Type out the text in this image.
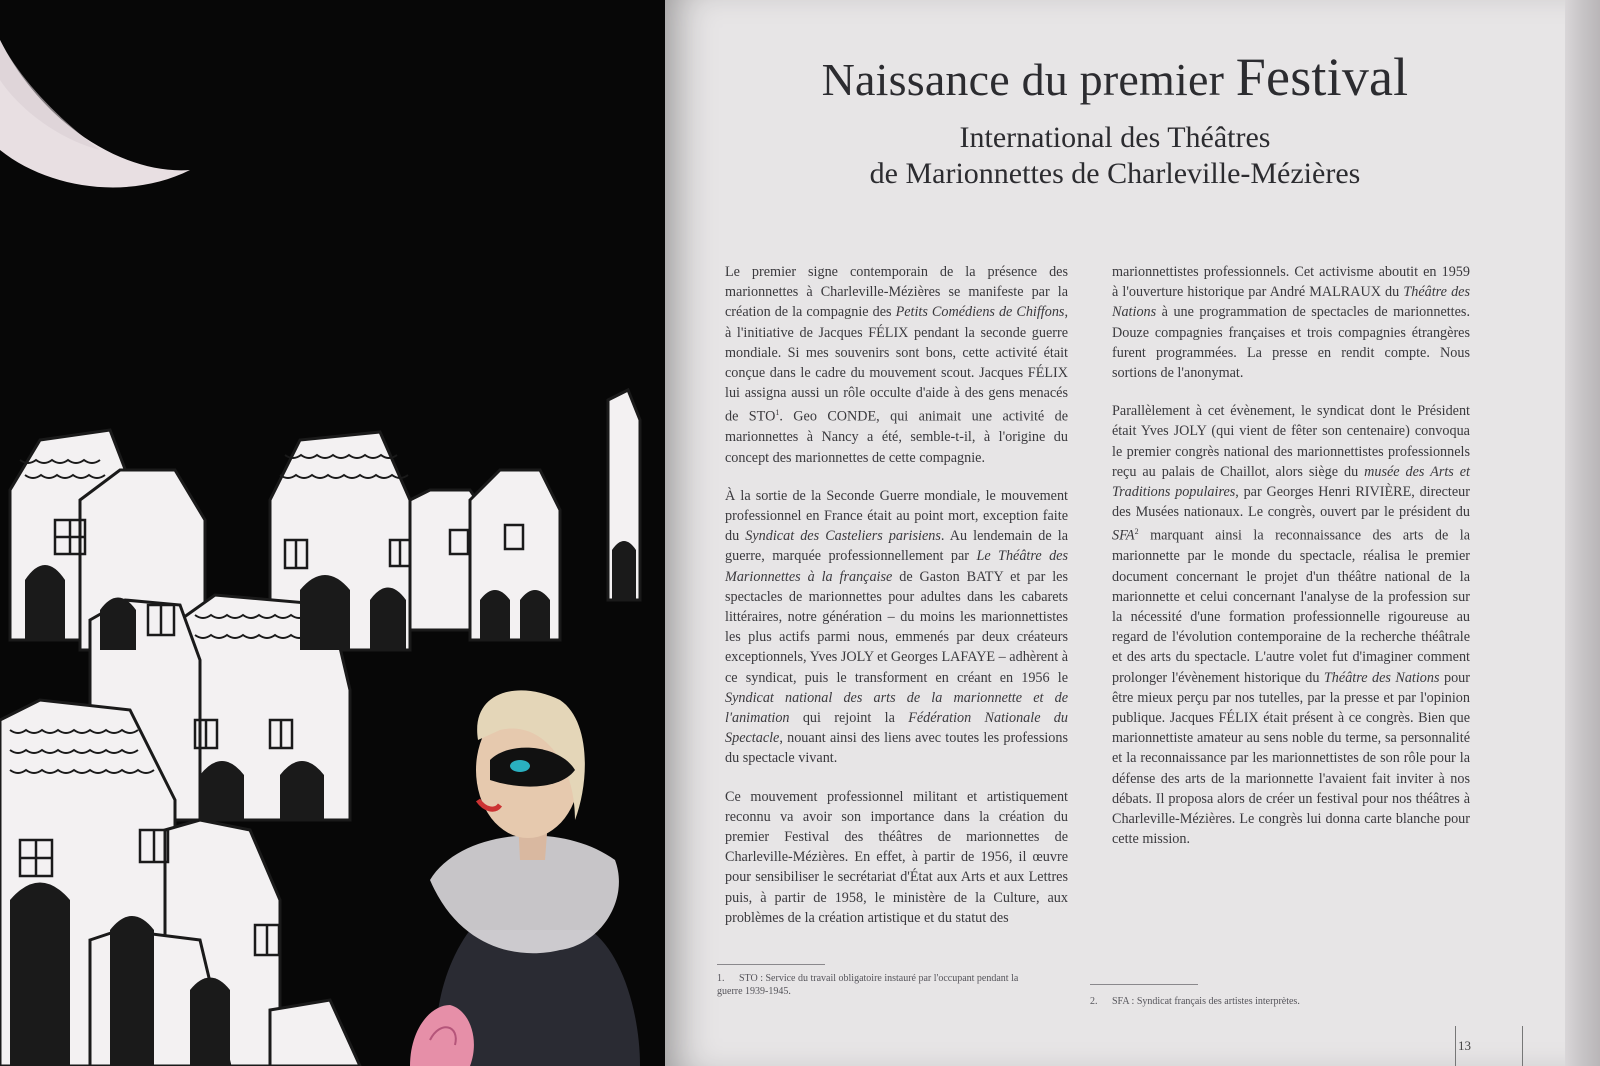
Naissance du premier Festival
International des Théâtres
de Marionnettes de Charleville-Mézières

Le premier signe contemporain de la présence des marionnettes à Charleville-Mézières se manifeste par la création de la compagnie des Petits Comédiens de Chiffons, à l'initiative de Jacques FÉLIX pendant la seconde guerre mondiale. Si mes souvenirs sont bons, cette activité était conçue dans le cadre du mouvement scout. Jacques FÉLIX lui assigna aussi un rôle occulte d'aide à des gens menacés de STO$^1$. Geo CONDE, qui animait une activité de marionnettes à Nancy a été, semble-t-il, à l'origine du concept des marionnettes de cette compagnie.

À la sortie de la Seconde Guerre mondiale, le mouvement professionnel en France était au point mort, exception faite du Syndicat des Casteliers parisiens. Au lendemain de la guerre, marquée professionnellement par Le Théâtre des Marionnettes à la française de Gaston BATY et par les spectacles de marionnettes pour adultes dans les cabarets littéraires, notre génération – du moins les marionnettistes les plus actifs parmi nous, emmenés par deux créateurs exceptionnels, Yves JOLY et Georges LAFAYE – adhèrent à ce syndicat, puis le transforment en créant en 1956 le Syndicat national des arts de la marionnette et de l'animation qui rejoint la Fédération Nationale du Spectacle, nouant ainsi des liens avec toutes les professions du spectacle vivant.

Ce mouvement professionnel militant et artistiquement reconnu va avoir son importance dans la création du premier Festival des théâtres de marionnettes de Charleville-Mézières. En effet, à partir de 1956, il œuvre pour sensibiliser le secrétariat d'État aux Arts et aux Lettres puis, à partir de 1958, le ministère de la Culture, aux problèmes de la création artistique et du statut des

marionnettistes professionnels. Cet activisme aboutit en 1959 à l'ouverture historique par André MALRAUX du Théâtre des Nations à une programmation de spectacles de marionnettes. Douze compagnies françaises et trois compagnies étrangères furent programmées. La presse en rendit compte. Nous sortions de l'anonymat.

Parallèlement à cet évènement, le syndicat dont le Président était Yves JOLY (qui vient de fêter son centenaire) convoqua le premier congrès national des marionnettistes professionnels reçu au palais de Chaillot, alors siège du musée des Arts et Traditions populaires, par Georges Henri RIVIÈRE, directeur des Musées nationaux. Le congrès, ouvert par le président du SFA$^2$ marquant ainsi la reconnaissance des arts de la marionnette par le monde du spectacle, réalisa le premier document concernant le projet d'un théâtre national de la marionnette et celui concernant l'analyse de la profession sur la nécessité d'une formation professionnelle rigoureuse au regard de l'évolution contemporaine de la recherche théâtrale et des arts du spectacle. L'autre volet fut d'imaginer comment prolonger l'évènement historique du Théâtre des Nations pour être mieux perçu par nos tutelles, par la presse et par l'opinion publique. Jacques FÉLIX était présent à ce congrès. Bien que marionnettiste amateur au sens noble du terme, sa personnalité et la reconnaissance par les marionnettistes de son rôle pour la défense des arts de la marionnette l'avaient fait inviter à nos débats. Il proposa alors de créer un festival pour nos théâtres à Charleville-Mézières. Le congrès lui donna carte blanche pour cette mission.

1. STO : Service du travail obligatoire instauré par l'occupant pendant la guerre 1939-1945.
2. SFA : Syndicat français des artistes interprètes.
13
